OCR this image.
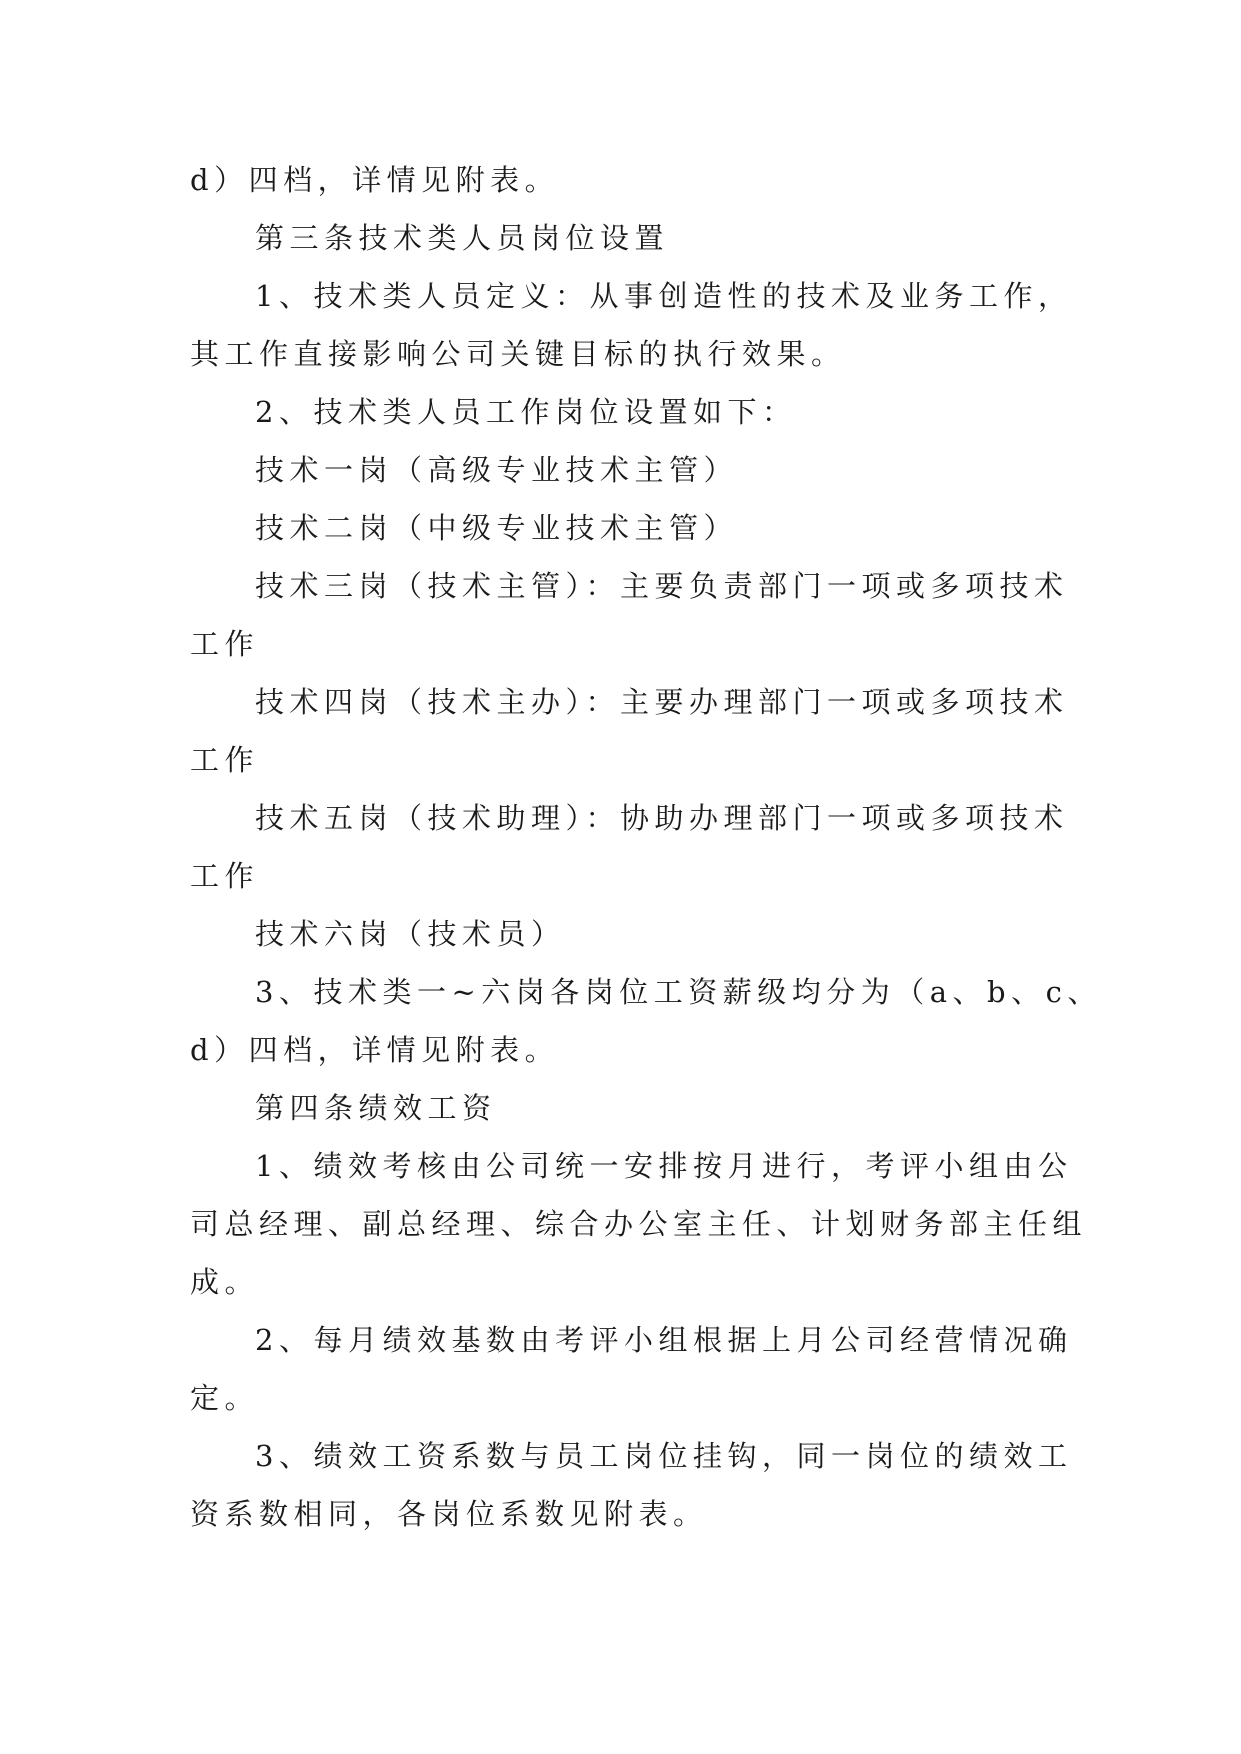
d）四档，详情见附表。
第三条技术类人员岗位设置
1、技术类人员定义：从事创造性的技术及业务工作，
其工作直接影响公司关键目标的执行效果。
2、技术类人员工作岗位设置如下：
技术一岗（高级专业技术主管）
技术二岗（中级专业技术主管）
技术三岗（技术主管）：主要负责部门一项或多项技术
工作
技术四岗（技术主办）：主要办理部门一项或多项技术
工作
技术五岗（技术助理）：协助办理部门一项或多项技术
工作
技术六岗（技术员）
3、技术类一~六岗各岗位工资薪级均分为（a、b、c、
d）四档，详情见附表。
第四条绩效工资
1、绩效考核由公司统一安排按月进行，考评小组由公
司总经理、副总经理、综合办公室主任、计划财务部主任组
成。
2、每月绩效基数由考评小组根据上月公司经营情况确
定。
3、绩效工资系数与员工岗位挂钩，同一岗位的绩效工
资系数相同，各岗位系数见附表。
